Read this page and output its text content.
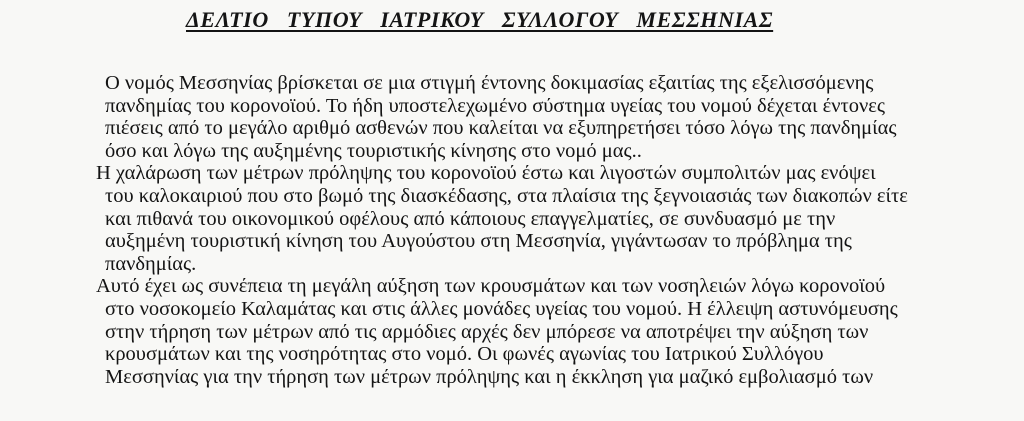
ΔΕΛΤΙΟ ΤΥΠΟΥ ΙΑΤΡΙΚΟΥ ΣΥΛΛΟΓΟΥ ΜΕΣΣΗΝΙΑΣ
Ο νομός Μεσσηνίας βρίσκεται σε μια στιγμή έντονης δοκιμασίας εξαιτίας της εξελισσόμενης
πανδημίας του κορονοϊού. Το ήδη υποστελεχωμένο σύστημα υγείας του νομού δέχεται έντονες
πιέσεις από το μεγάλο αριθμό ασθενών που καλείται να εξυπηρετήσει τόσο λόγω της πανδημίας
όσο και λόγω της αυξημένης τουριστικής κίνησης στο νομό μας..
Η χαλάρωση των μέτρων πρόληψης του κορονοϊού έστω και λιγοστών συμπολιτών μας ενόψει
του καλοκαιριού που στο βωμό της διασκέδασης, στα πλαίσια της ξεγνοιασιάς των διακοπών είτε
και πιθανά του οικονομικού οφέλους από κάποιους επαγγελματίες, σε συνδυασμό με την
αυξημένη τουριστική κίνηση του Αυγούστου στη Μεσσηνία, γιγάντωσαν το πρόβλημα της
πανδημίας.
Αυτό έχει ως συνέπεια τη μεγάλη αύξηση των κρουσμάτων και των νοσηλειών λόγω κορονοϊού
στο νοσοκομείο Καλαμάτας και στις άλλες μονάδες υγείας του νομού. Η έλλειψη αστυνόμευσης
στην τήρηση των μέτρων από τις αρμόδιες αρχές δεν μπόρεσε να αποτρέψει την αύξηση των
κρουσμάτων και της νοσηρότητας στο νομό. Οι φωνές αγωνίας του Ιατρικού Συλλόγου
Μεσσηνίας για την τήρηση των μέτρων πρόληψης και η έκκληση για μαζικό εμβολιασμό των
